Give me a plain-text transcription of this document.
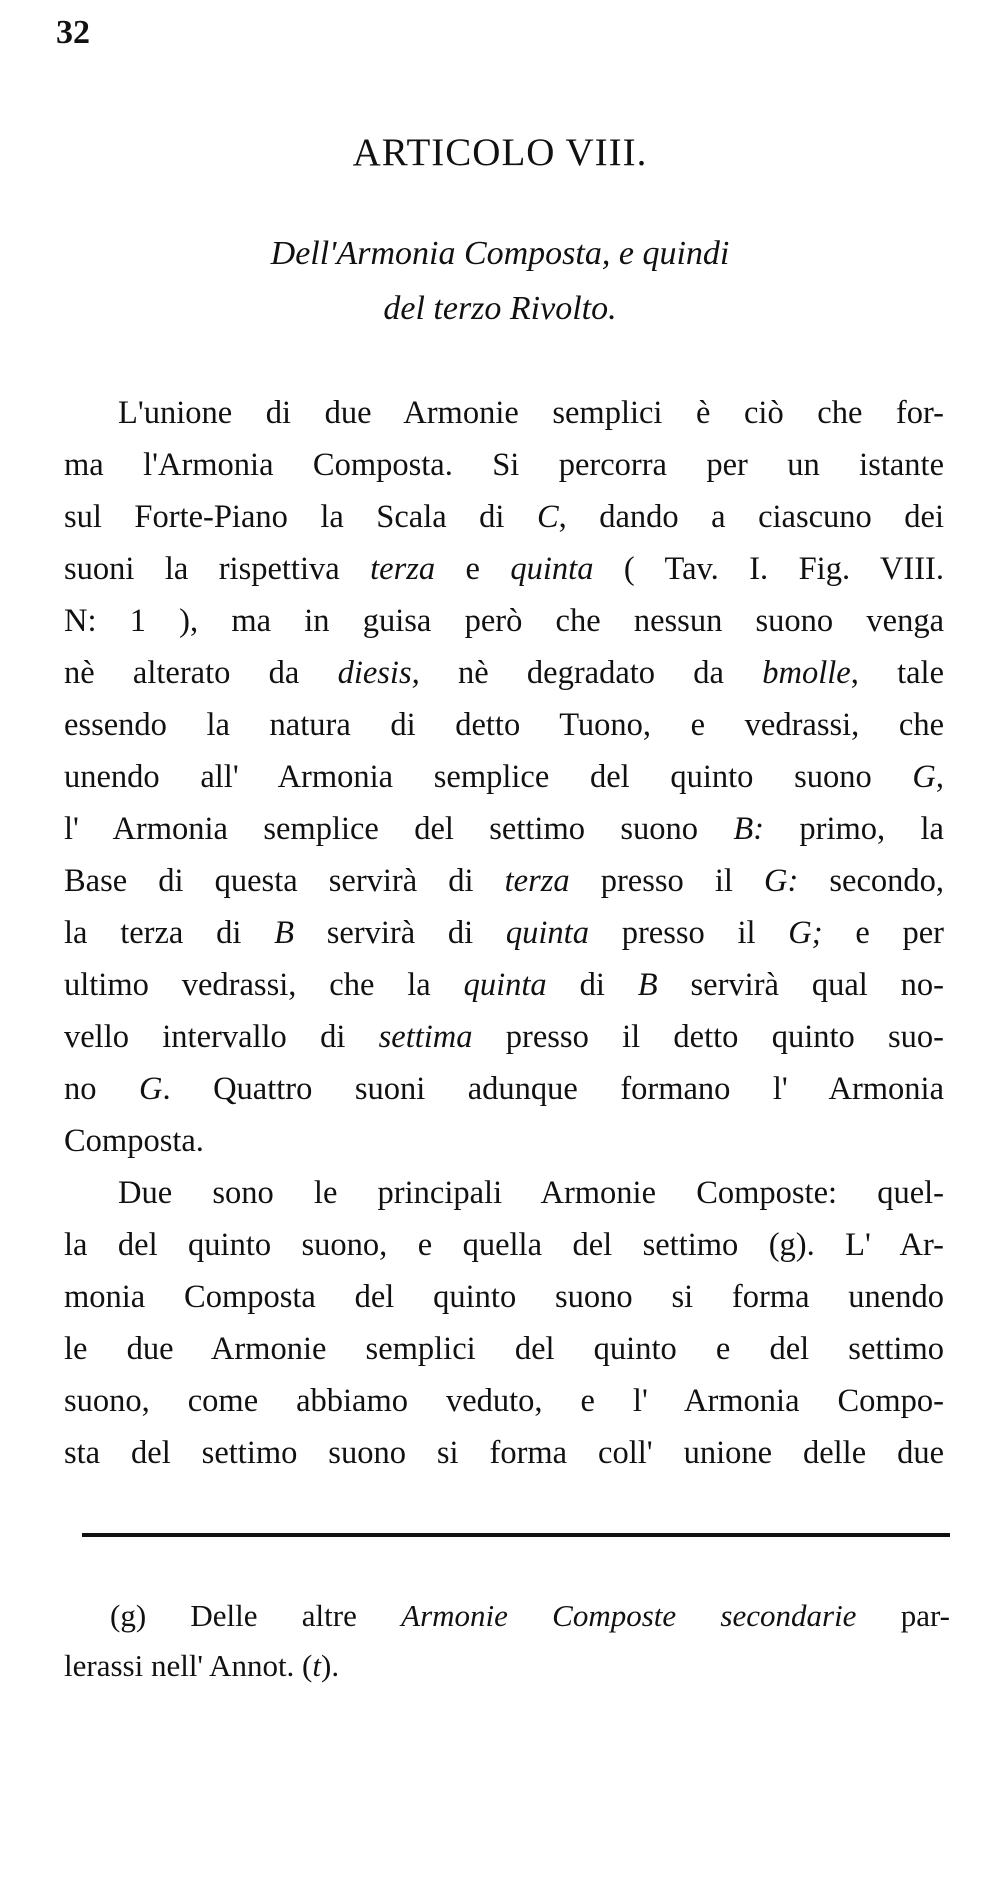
32

ARTICOLO VIII.

Dell'Armonia Composta, e quindi

del terzo Rivolto.

L'unione di due Armonie semplici è ciò che for-

ma l'Armonia Composta. Si percorra per un istante

sul Forte-Piano la Scala di C, dando a ciascuno dei

suoni la rispettiva terza e quinta ( Tav. I. Fig. VIII.

N: 1 ), ma in guisa però che nessun suono venga

nè alterato da diesis, nè degradato da bmolle, tale

essendo la natura di detto Tuono, e vedrassi, che

unendo all' Armonia semplice del quinto suono G,

l' Armonia semplice del settimo suono B: primo, la

Base di questa servirà di terza presso il G: secondo,

la terza di B servirà di quinta presso il G; e per

ultimo vedrassi, che la quinta di B servirà qual no-

vello intervallo di settima presso il detto quinto suo-

no G. Quattro suoni adunque formano l' Armonia

Composta.

Due sono le principali Armonie Composte: quel-

la del quinto suono, e quella del settimo (g). L' Ar-

monia Composta del quinto suono si forma unendo

le due Armonie semplici del quinto e del settimo

suono, come abbiamo veduto, e l' Armonia Compo-

sta del settimo suono si forma coll' unione delle due

(g) Delle altre Armonie Composte secondarie par-

lerassi nell' Annot. (t).
